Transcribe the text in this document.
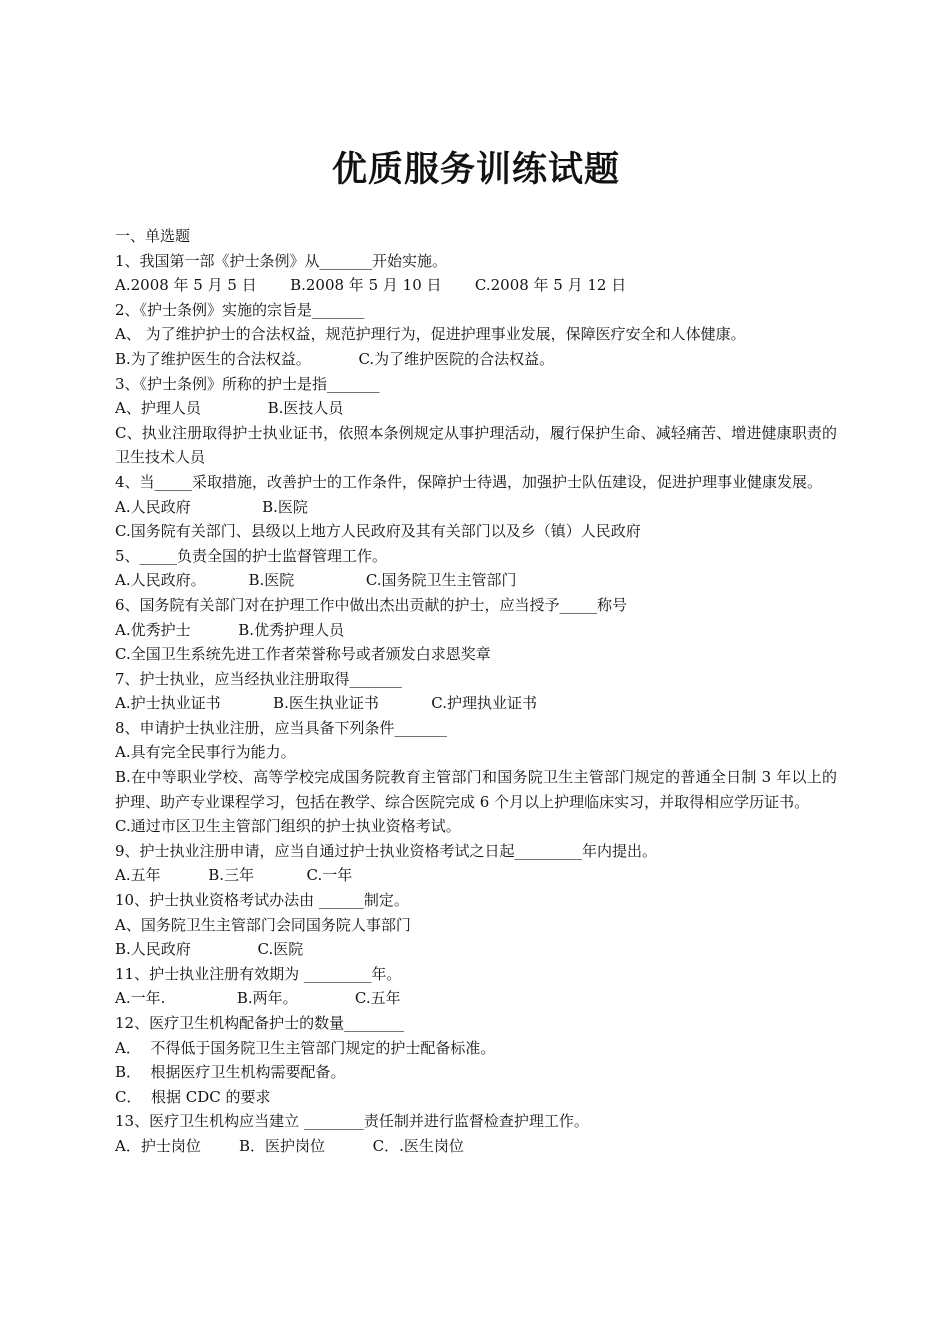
优质服务训练试题

一、单选题

1、我国第一部《护士条例》从_______开始实施。

A.2008 年 5 月 5 日       B.2008 年 5 月 10 日       C.2008 年 5 月 12 日

2、《护士条例》实施的宗旨是_______

A、 为了维护护士的合法权益，规范护理行为，促进护理事业发展，保障医疗安全和人体健康。

B.为了维护医生的合法权益。          C.为了维护医院的合法权益。

3、《护士条例》所称的护士是指_______

A、护理人员              B.医技人员

C、执业注册取得护士执业证书，依照本条例规定从事护理活动，履行保护生命、减轻痛苦、增进健康职责的卫生技术人员

4、当_____采取措施，改善护士的工作条件，保障护士待遇，加强护士队伍建设，促进护理事业健康发展。

A.人民政府               B.医院

C.国务院有关部门、县级以上地方人民政府及其有关部门以及乡（镇）人民政府

5、_____负责全国的护士监督管理工作。

A.人民政府。         B.医院               C.国务院卫生主管部门

6、国务院有关部门对在护理工作中做出杰出贡献的护士，应当授予_____称号

A.优秀护士          B.优秀护理人员

C.全国卫生系统先进工作者荣誉称号或者颁发白求恩奖章

7、护士执业，应当经执业注册取得_______

A.护士执业证书           B.医生执业证书           C.护理执业证书

8、申请护士执业注册，应当具备下列条件_______

A.具有完全民事行为能力。

B.在中等职业学校、高等学校完成国务院教育主管部门和国务院卫生主管部门规定的普通全日制 3 年以上的护理、助产专业课程学习，包括在教学、综合医院完成 6 个月以上护理临床实习，并取得相应学历证书。

C.通过市区卫生主管部门组织的护士执业资格考试。

9、护士执业注册申请，应当自通过护士执业资格考试之日起_________年内提出。

A.五年          B.三年           C.一年

10、护士执业资格考试办法由 ______制定。

A、国务院卫生主管部门会同国务院人事部门

B.人民政府              C.医院

11、护士执业注册有效期为 _________年。

A.一年.               B.两年。            C.五年

12、医疗卫生机构配备护士的数量________

A．  不得低于国务院卫生主管部门规定的护士配备标准。

B．  根据医疗卫生机构需要配备。

C．  根据 CDC 的要求

13、医疗卫生机构应当建立 ________责任制并进行监督检查护理工作。

A．护士岗位        B．医护岗位          C．.医生岗位
